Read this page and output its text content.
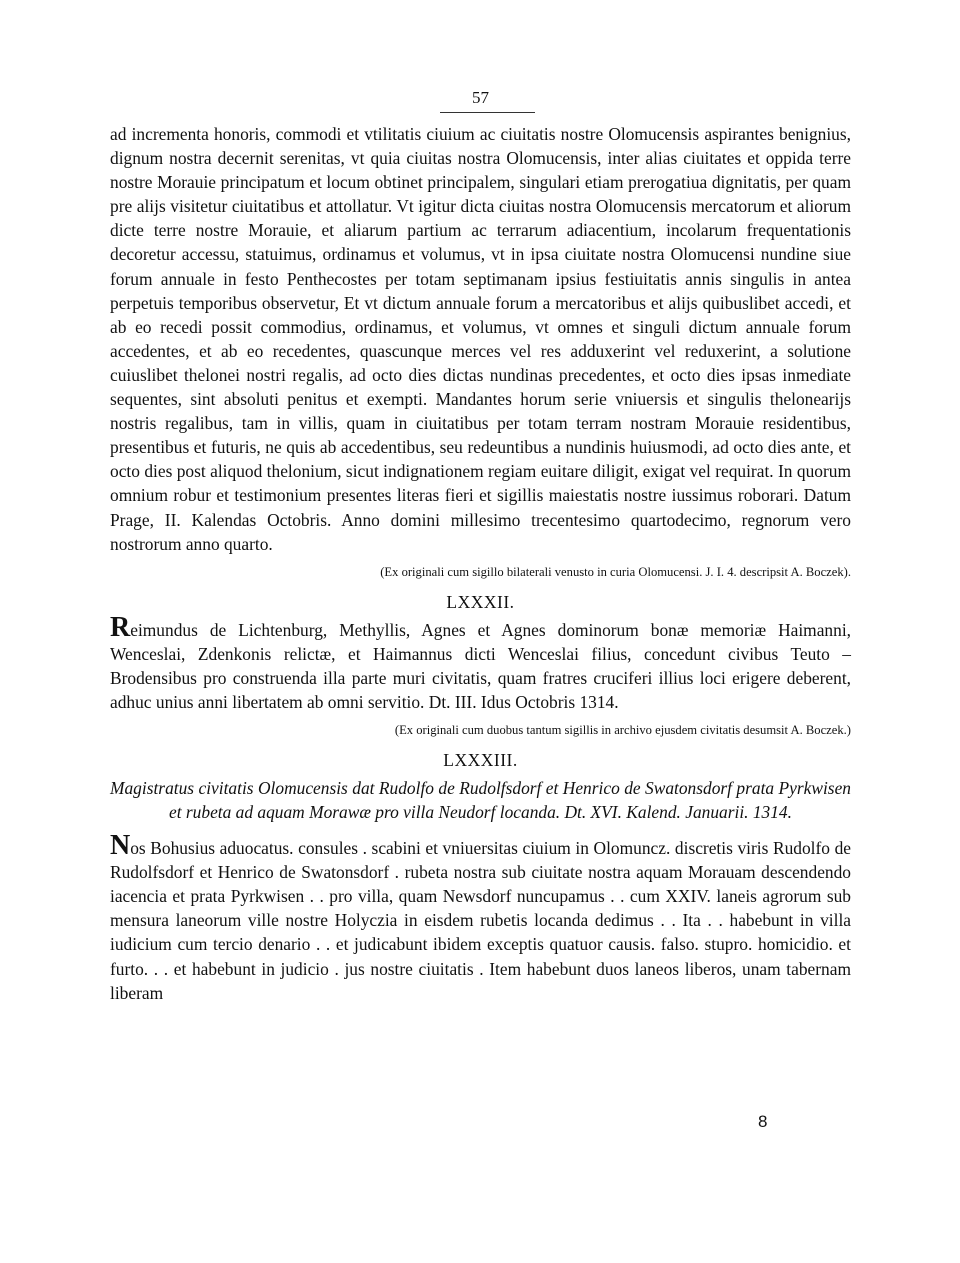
57

ad incrementa honoris, commodi et vtilitatis ciuium ac ciuitatis nostre Olomucensis aspirantes benignius, dignum nostra decernit serenitas, vt quia ciuitas nostra Olomucensis, inter alias ciuitates et oppida terre nostre Morauie principatum et locum obtinet principalem, singulari etiam prerogatiua dignitatis, per quam pre alijs visitetur ciuitatibus et attollatur. Vt igitur dicta ciuitas nostra Olomucensis mercatorum et aliorum dicte terre nostre Morauie, et aliarum partium ac terrarum adiacentium, incolarum frequentationis decoretur accessu, statuimus, ordinamus et volumus, vt in ipsa ciuitate nostra Olomucensi nundine siue forum annuale in festo Penthecostes per totam septimanam ipsius festiuitatis annis singulis in antea perpetuis temporibus observetur, Et vt dictum annuale forum a mercatoribus et alijs quibuslibet accedi, et ab eo recedi possit commodius, ordinamus, et volumus, vt omnes et singuli dictum annuale forum accedentes, et ab eo recedentes, quascunque merces vel res adduxerint vel reduxerint, a solutione cuiuslibet thelonei nostri regalis, ad octo dies dictas nundinas precedentes, et octo dies ipsas inmediate sequentes, sint absoluti penitus et exempti. Mandantes horum serie vniuersis et singulis thelonearijs nostris regalibus, tam in villis, quam in ciuitatibus per totam terram nostram Morauie residentibus, presentibus et futuris, ne quis ab accedentibus, seu redeuntibus a nundinis huiusmodi, ad octo dies ante, et octo dies post aliquod thelonium, sicut indignationem regiam euitare diligit, exigat vel requirat. In quorum omnium robur et testimonium presentes literas fieri et sigillis maiestatis nostre iussimus roborari. Datum Prage, II. Kalendas Octobris. Anno domini millesimo trecentesimo quartodecimo, regnorum vero nostrorum anno quarto.

(Ex originali cum sigillo bilaterali venusto in curia Olomucensi. J. I. 4. descripsit A. Boczek).
LXXXII.

Reimundus de Lichtenburg, Methyllis, Agnes et Agnes dominorum bonæ memoriæ Haimanni, Wenceslai, Zdenkonis relictæ, et Haimannus dicti Wenceslai filius, concedunt civibus Teuto – Brodensibus pro construenda illa parte muri civitatis, quam fratres cruciferi illius loci erigere deberent, adhuc unius anni libertatem ab omni servitio. Dt. III. Idus Octobris 1314.

(Ex originali cum duobus tantum sigillis in archivo ejusdem civitatis desumsit A. Boczek.)
LXXXIII.
Magistratus civitatis Olomucensis dat Rudolfo de Rudolfsdorf et Henrico de Swatonsdorf prata Pyrkwisen et rubeta ad aquam Morawæ pro villa Neudorf locanda. Dt. XVI. Kalend. Januarii. 1314.

Nos Bohusius aduocatus. consules . scabini et vniuersitas ciuium in Olomuncz. discretis viris Rudolfo de Rudolfsdorf et Henrico de Swatonsdorf . rubeta nostra sub ciuitate nostra aquam Morauam descendendo iacencia et prata Pyrkwisen . . pro villa, quam Newsdorf nuncupamus . . cum XXIV. laneis agrorum sub mensura laneorum ville nostre Holyczia in eisdem rubetis locanda dedimus . . Ita . . habebunt in villa iudicium cum tercio denario . . et judicabunt ibidem exceptis quatuor causis. falso. stupro. homicidio. et furto. . . et habebunt in judicio . jus nostre ciuitatis . Item habebunt duos laneos liberos, unam tabernam liberam

8
